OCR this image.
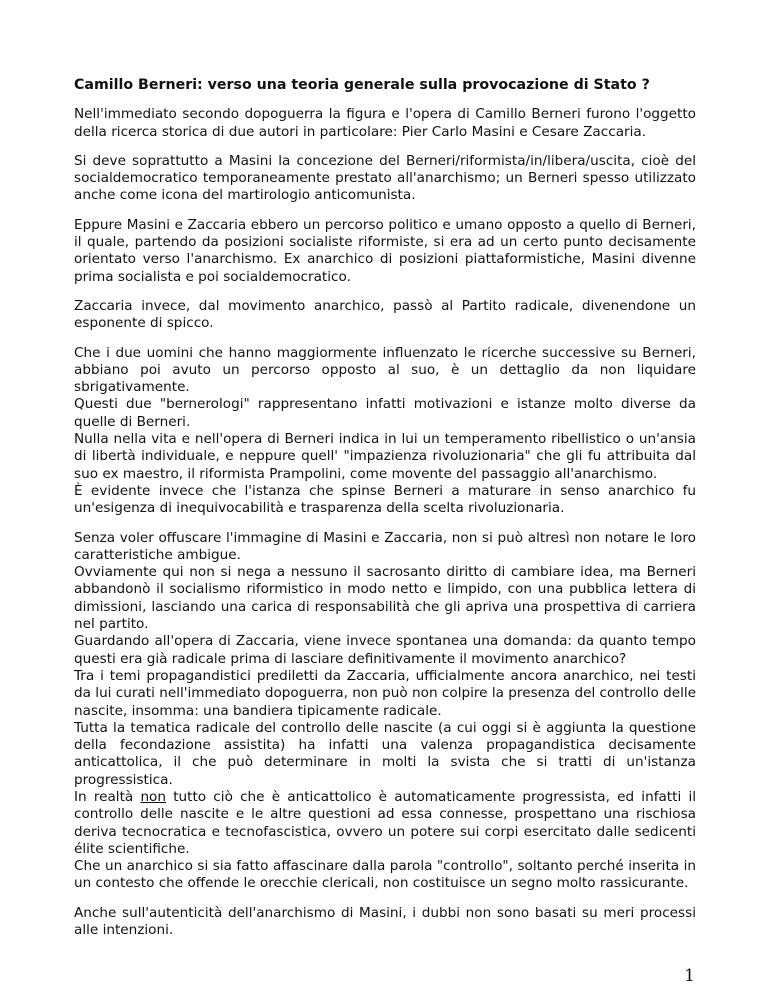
Camillo Berneri: verso una teoria generale sulla provocazione di Stato ?

Nell'immediato secondo dopoguerra la figura e l'opera di Camillo Berneri furono l'oggetto della ricerca storica di due autori in particolare: Pier Carlo Masini e Cesare Zaccaria.

Si deve soprattutto a Masini la concezione del Berneri/riformista/in/libera/uscita, cioè del socialdemocratico temporaneamente prestato all'anarchismo; un Berneri spesso utilizzato anche come icona del martirologio anticomunista.

Eppure Masini e Zaccaria ebbero un percorso politico e umano opposto a quello di Berneri, il quale, partendo da posizioni socialiste riformiste, si era ad un certo punto decisamente orientato verso l'anarchismo. Ex anarchico di posizioni piattaformistiche, Masini divenne prima socialista e poi socialdemocratico.

Zaccaria invece, dal movimento anarchico, passò al Partito radicale, divenendone un esponente di spicco.

Che i due uomini che hanno maggiormente influenzato le ricerche successive su Berneri, abbiano poi avuto un percorso opposto al suo, è un dettaglio da non liquidare sbrigativamente.
Questi due "bernerologi" rappresentano infatti motivazioni e istanze molto diverse da quelle di Berneri.
Nulla nella vita e nell'opera di Berneri indica in lui un temperamento ribellistico o un'ansia di libertà individuale, e neppure quell' "impazienza rivoluzionaria" che gli fu attribuita dal suo ex maestro, il riformista Prampolini, come movente del passaggio all'anarchismo.
È evidente invece che l'istanza che spinse Berneri a maturare in senso anarchico fu un'esigenza di inequivocabilità e trasparenza della scelta rivoluzionaria.
Senza voler offuscare l'immagine di Masini e Zaccaria, non si può altresì non notare le loro caratteristiche ambigue.
Ovviamente qui non si nega a nessuno il sacrosanto diritto di cambiare idea, ma Berneri abbandonò il socialismo riformistico in modo netto e limpido, con una pubblica lettera di dimissioni, lasciando una carica di responsabilità che gli apriva una prospettiva di carriera nel partito.
Guardando all'opera di Zaccaria, viene invece spontanea una domanda: da quanto tempo questi era già radicale prima di lasciare definitivamente il movimento anarchico?
Tra i temi propagandistici prediletti da Zaccaria, ufficialmente ancora anarchico, nei testi da lui curati nell'immediato dopoguerra, non può non colpire la presenza del controllo delle nascite, insomma: una bandiera tipicamente radicale.
Tutta la tematica radicale del controllo delle nascite (a cui oggi si è aggiunta la questione della fecondazione assistita) ha infatti una valenza propagandistica decisamente anticattolica, il che può determinare in molti la svista che si tratti di un'istanza progressistica.
In realtà non tutto ciò che è anticattolico è automaticamente progressista, ed infatti il controllo delle nascite e le altre questioni ad essa connesse, prospettano una rischiosa deriva tecnocratica e tecnofascistica, ovvero un potere sui corpi esercitato dalle sedicenti élite scientifiche.
Che un anarchico si sia fatto affascinare dalla parola "controllo", soltanto perché inserita in un contesto che offende le orecchie clericali, non costituisce un segno molto rassicurante.

Anche sull'autenticità dell'anarchismo di Masini, i dubbi non sono basati su meri processi alle intenzioni.

1
